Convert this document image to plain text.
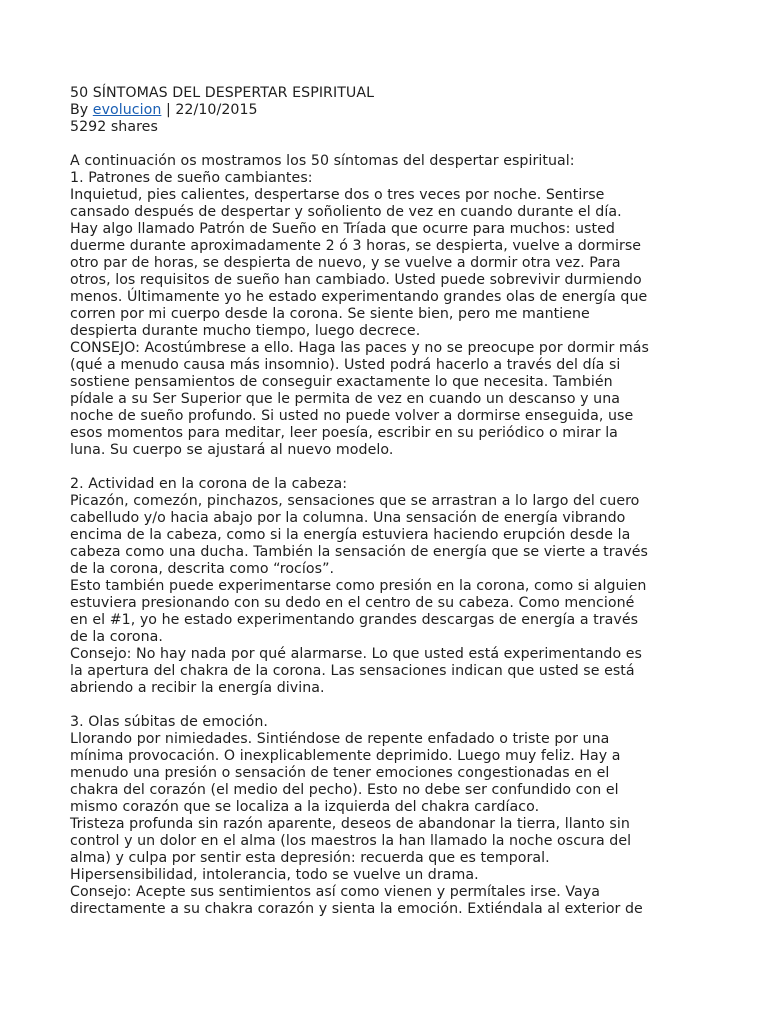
50 SÍNTOMAS DEL DESPERTAR ESPIRITUAL
By evolucion | 22/10/2015
5292 shares
A continuación os mostramos los 50 síntomas del despertar espiritual:
1. Patrones de sueño cambiantes:
Inquietud, pies calientes, despertarse dos o tres veces por noche. Sentirse
cansado después de despertar y soñoliento de vez en cuando durante el día.
Hay algo llamado Patrón de Sueño en Tríada que ocurre para muchos: usted
duerme durante aproximadamente 2 ó 3 horas, se despierta, vuelve a dormirse
otro par de horas, se despierta de nuevo, y se vuelve a dormir otra vez. Para
otros, los requisitos de sueño han cambiado. Usted puede sobrevivir durmiendo
menos. Últimamente yo he estado experimentando grandes olas de energía que
corren por mi cuerpo desde la corona. Se siente bien, pero me mantiene
despierta durante mucho tiempo, luego decrece.
CONSEJO: Acostúmbrese a ello. Haga las paces y no se preocupe por dormir más
(qué a menudo causa más insomnio). Usted podrá hacerlo a través del día si
sostiene pensamientos de conseguir exactamente lo que necesita. También
pídale a su Ser Superior que le permita de vez en cuando un descanso y una
noche de sueño profundo. Si usted no puede volver a dormirse enseguida, use
esos momentos para meditar, leer poesía, escribir en su periódico o mirar la
luna. Su cuerpo se ajustará al nuevo modelo.
2. Actividad en la corona de la cabeza:
Picazón, comezón, pinchazos, sensaciones que se arrastran a lo largo del cuero
cabelludo y/o hacia abajo por la columna. Una sensación de energía vibrando
encima de la cabeza, como si la energía estuviera haciendo erupción desde la
cabeza como una ducha. También la sensación de energía que se vierte a través
de la corona, descrita como “rocíos”.
Esto también puede experimentarse como presión en la corona, como si alguien
estuviera presionando con su dedo en el centro de su cabeza. Como mencioné
en el #1, yo he estado experimentando grandes descargas de energía a través
de la corona.
Consejo: No hay nada por qué alarmarse. Lo que usted está experimentando es
la apertura del chakra de la corona. Las sensaciones indican que usted se está
abriendo a recibir la energía divina.
3. Olas súbitas de emoción.
Llorando por nimiedades. Sintiéndose de repente enfadado o triste por una
mínima provocación. O inexplicablemente deprimido. Luego muy feliz. Hay a
menudo una presión o sensación de tener emociones congestionadas en el
chakra del corazón (el medio del pecho). Esto no debe ser confundido con el
mismo corazón que se localiza a la izquierda del chakra cardíaco.
Tristeza profunda sin razón aparente, deseos de abandonar la tierra, llanto sin
control y un dolor en el alma (los maestros la han llamado la noche oscura del
alma) y culpa por sentir esta depresión: recuerda que es temporal.
Hipersensibilidad, intolerancia, todo se vuelve un drama.
Consejo: Acepte sus sentimientos así como vienen y permítales irse. Vaya
directamente a su chakra corazón y sienta la emoción. Extiéndala al exterior de
